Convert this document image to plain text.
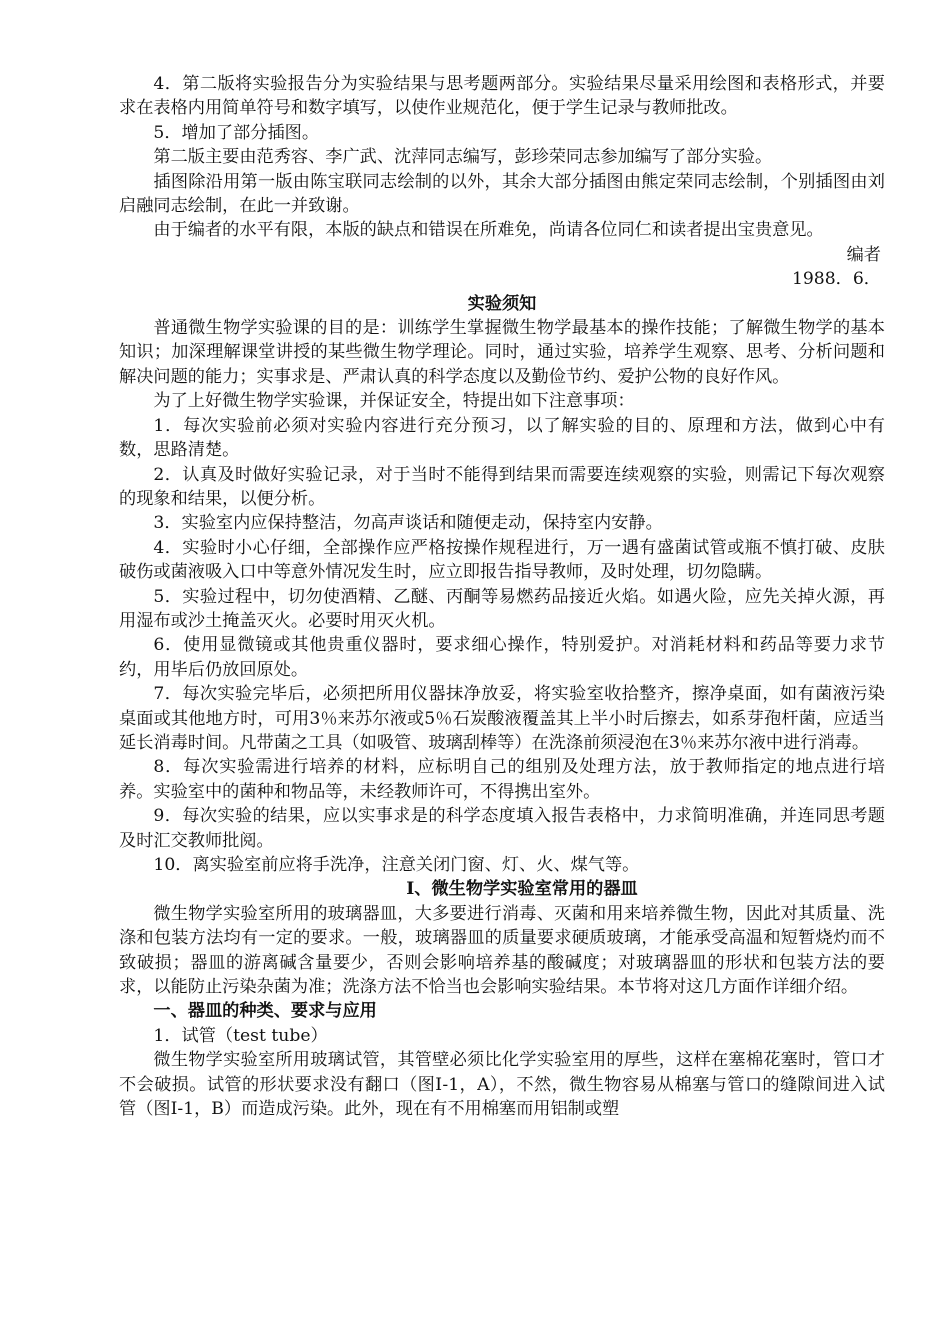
4．第二版将实验报告分为实验结果与思考题两部分。实验结果尽量采用绘图和表格形式，并要求在表格内用简单符号和数字填写，以使作业规范化，便于学生记录与教师批改。

5．增加了部分插图。

第二版主要由范秀容、李广武、沈萍同志编写，彭珍荣同志参加编写了部分实验。

插图除沿用第一版由陈宝联同志绘制的以外，其余大部分插图由熊定荣同志绘制，个别插图由刘启融同志绘制，在此一并致谢。

由于编者的水平有限，本版的缺点和错误在所难免，尚请各位同仁和读者提出宝贵意见。

编者

1988．6．

实验须知

普通微生物学实验课的目的是：训练学生掌握微生物学最基本的操作技能；了解微生物学的基本知识；加深理解课堂讲授的某些微生物学理论。同时，通过实验，培养学生观察、思考、分析问题和解决问题的能力；实事求是、严肃认真的科学态度以及勤俭节约、爱护公物的良好作风。

为了上好微生物学实验课，并保证安全，特提出如下注意事项：

1．每次实验前必须对实验内容进行充分预习，以了解实验的目的、原理和方法，做到心中有数，思路清楚。

2．认真及时做好实验记录，对于当时不能得到结果而需要连续观察的实验，则需记下每次观察的现象和结果，以便分析。

3．实验室内应保持整洁，勿高声谈话和随便走动，保持室内安静。

4．实验时小心仔细，全部操作应严格按操作规程进行，万一遇有盛菌试管或瓶不慎打破、皮肤破伤或菌液吸入口中等意外情况发生时，应立即报告指导教师，及时处理，切勿隐瞒。

5．实验过程中，切勿使酒精、乙醚、丙酮等易燃药品接近火焰。如遇火险，应先关掉火源，再用湿布或沙土掩盖灭火。必要时用灭火机。

6．使用显微镜或其他贵重仪器时，要求细心操作，特别爱护。对消耗材料和药品等要力求节约，用毕后仍放回原处。

7．每次实验完毕后，必须把所用仪器抹净放妥，将实验室收拾整齐，擦净桌面，如有菌液污染桌面或其他地方时，可用3％来苏尔液或5％石炭酸液覆盖其上半小时后擦去，如系芽孢杆菌，应适当延长消毒时间。凡带菌之工具（如吸管、玻璃刮棒等）在洗涤前须浸泡在3％来苏尔液中进行消毒。

8．每次实验需进行培养的材料，应标明自己的组别及处理方法，放于教师指定的地点进行培养。实验室中的菌种和物品等，未经教师许可，不得携出室外。

9．每次实验的结果，应以实事求是的科学态度填入报告表格中，力求简明准确，并连同思考题及时汇交教师批阅。

10．离实验室前应将手洗净，注意关闭门窗、灯、火、煤气等。

Ⅰ、微生物学实验室常用的器皿

微生物学实验室所用的玻璃器皿，大多要进行消毒、灭菌和用来培养微生物，因此对其质量、洗涤和包装方法均有一定的要求。一般，玻璃器皿的质量要求硬质玻璃，才能承受高温和短暂烧灼而不致破损；器皿的游离碱含量要少，否则会影响培养基的酸碱度；对玻璃器皿的形状和包装方法的要求，以能防止污染杂菌为准；洗涤方法不恰当也会影响实验结果。本节将对这几方面作详细介绍。

一、器皿的种类、要求与应用

1．试管（test tube）

微生物学实验室所用玻璃试管，其管壁必须比化学实验室用的厚些，这样在塞棉花塞时，管口才不会破损。试管的形状要求没有翻口（图Ⅰ-1，A），不然，微生物容易从棉塞与管口的缝隙间进入试管（图Ⅰ-1，B）而造成污染。此外，现在有不用棉塞而用铝制或塑
